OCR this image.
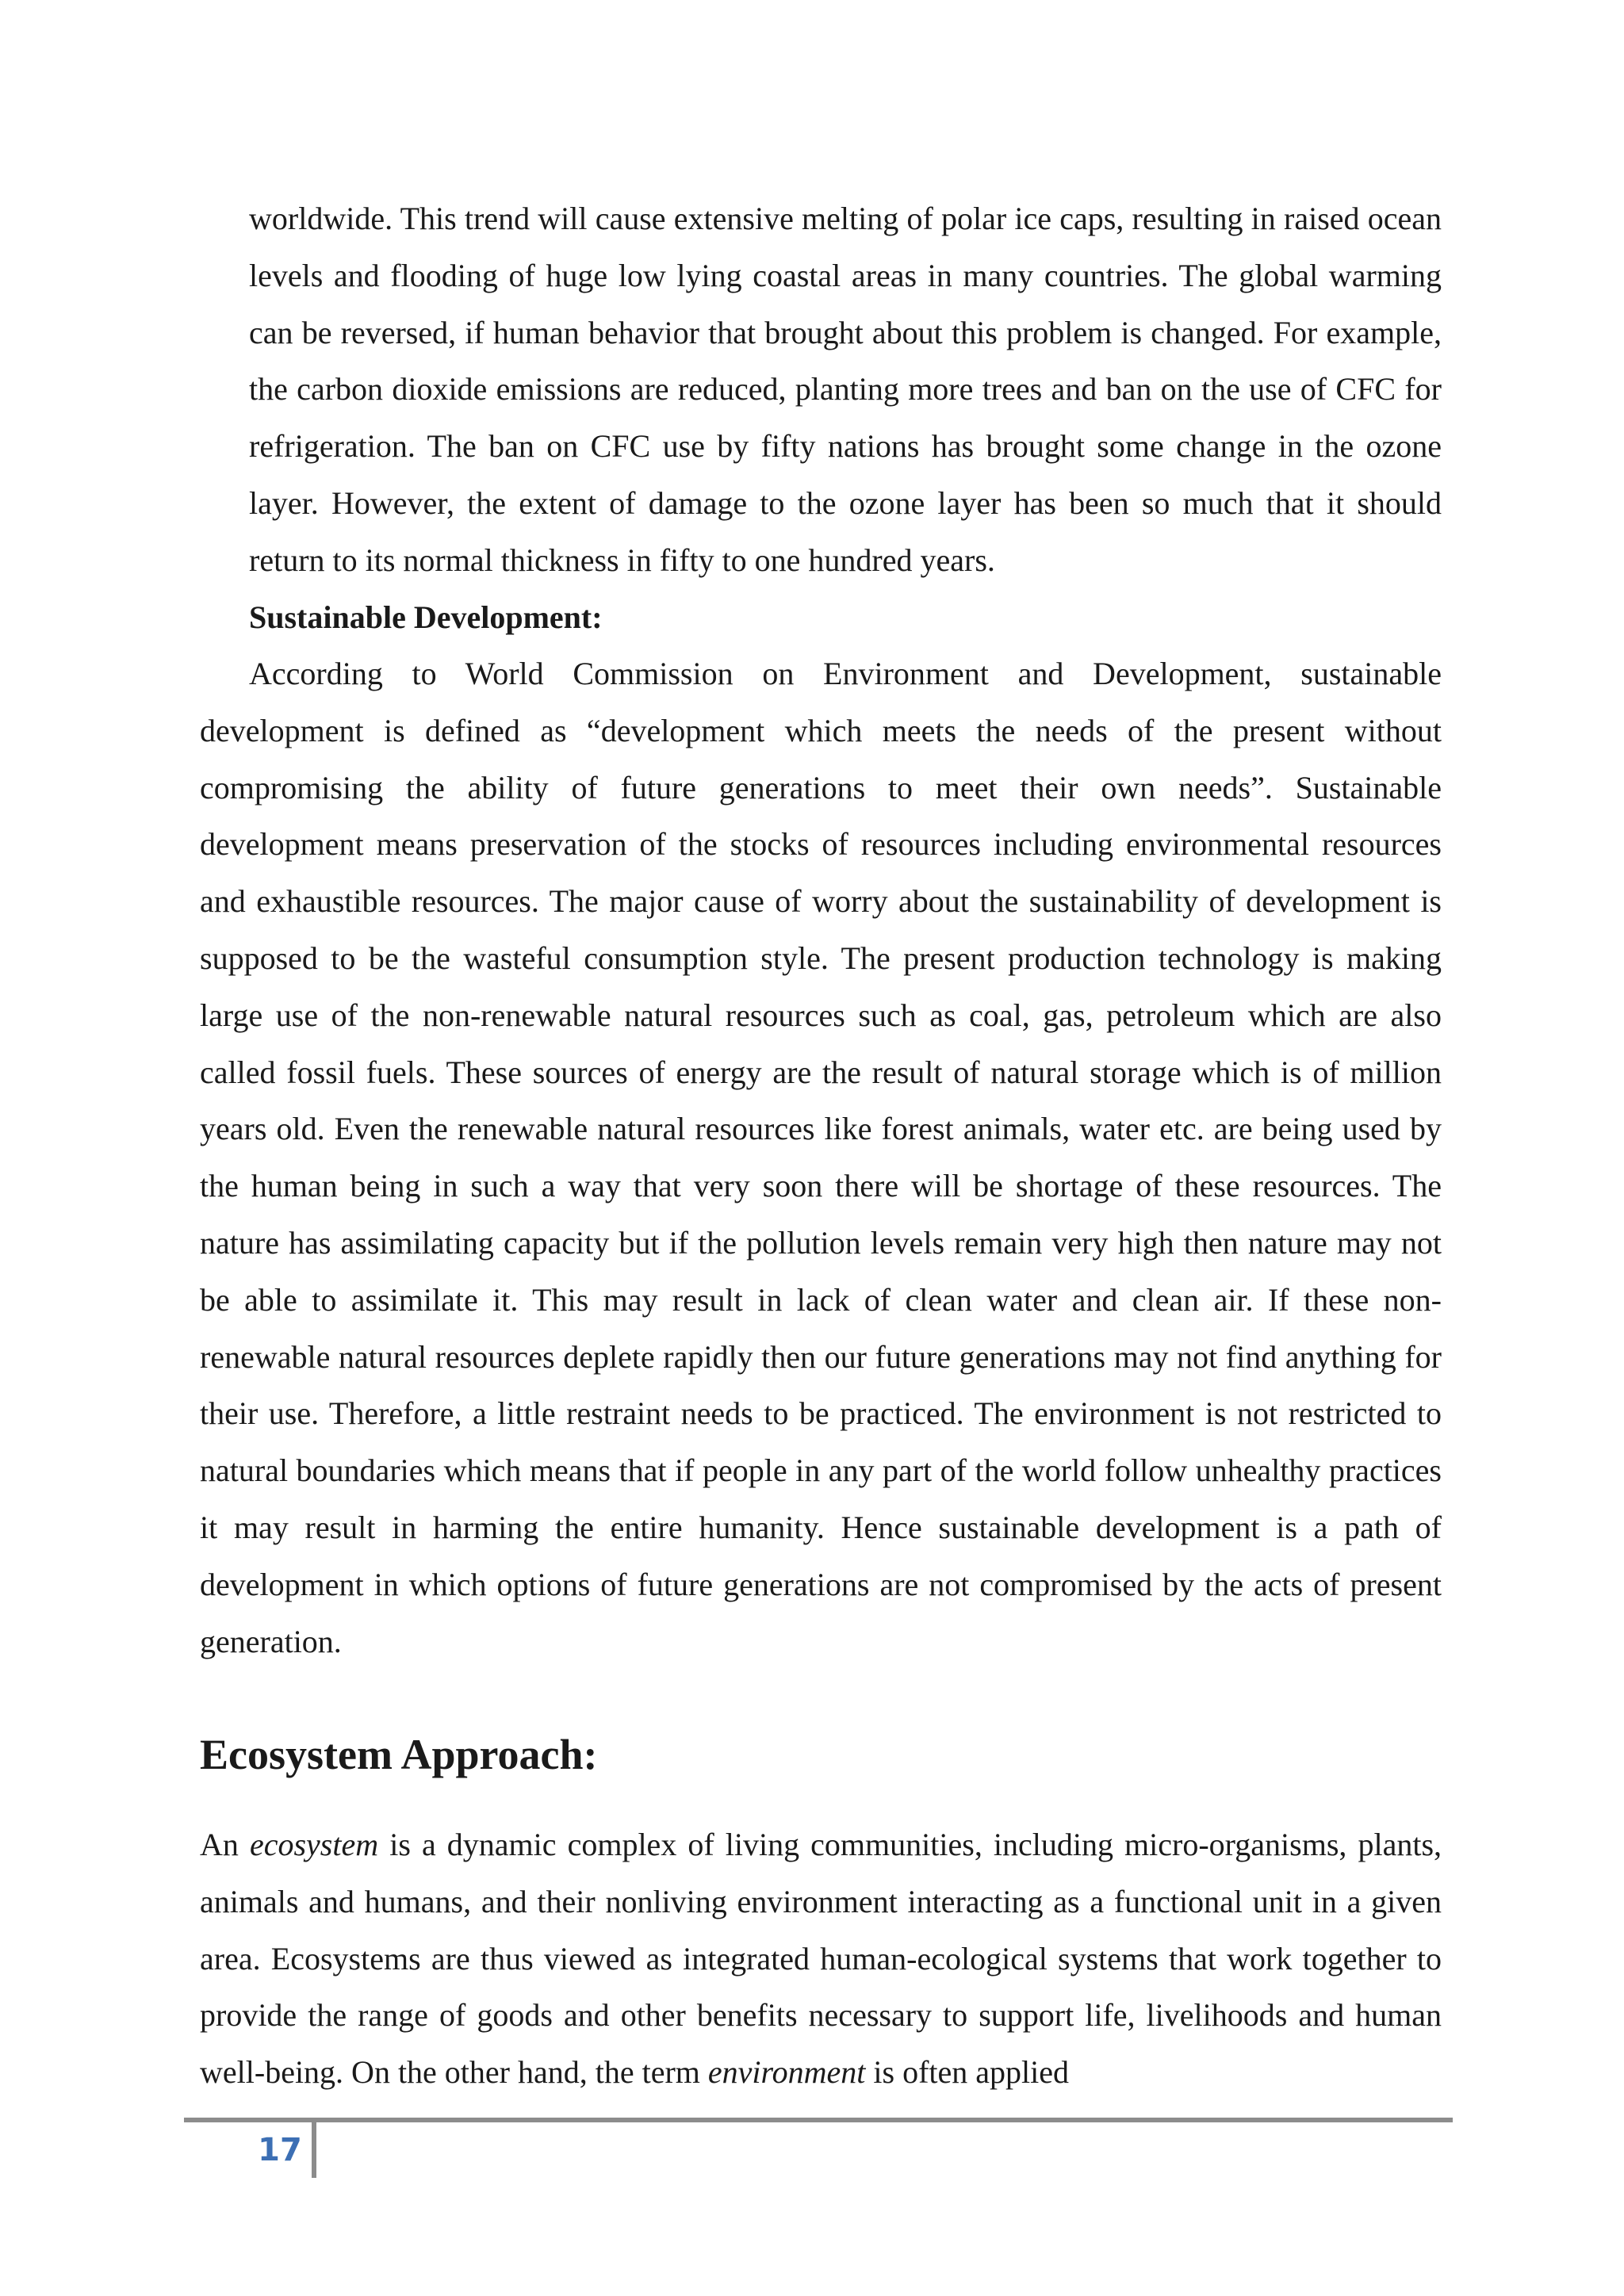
worldwide. This trend will cause extensive melting of polar ice caps, resulting in raised ocean levels and flooding of huge low lying coastal areas in many countries. The global warming can be reversed, if human behavior that brought about this problem is changed. For example, the carbon dioxide emissions are reduced, planting more trees and ban on the use of CFC for refrigeration. The ban on CFC use by fifty nations has brought some change in the ozone layer. However, the extent of damage to the ozone layer has been so much that it should return to its normal thickness in fifty to one hundred years.

Sustainable Development:

According to World Commission on Environment and Development, sustainable development is defined as “development which meets the needs of the present without compromising the ability of future generations to meet their own needs”. Sustainable development means preservation of the stocks of resources including environmental resources and exhaustible resources. The major cause of worry about the sustainability of development is supposed to be the wasteful consumption style. The present production technology is making large use of the non-renewable natural resources such as coal, gas, petroleum which are also called fossil fuels. These sources of energy are the result of natural storage which is of million years old. Even the renewable natural resources like forest animals, water etc. are being used by the human being in such a way that very soon there will be shortage of these resources. The nature has assimilating capacity but if the pollution levels remain very high then nature may not be able to assimilate it. This may result in lack of clean water and clean air. If these non-renewable natural resources deplete rapidly then our future generations may not find anything for their use. Therefore, a little restraint needs to be practiced. The environment is not restricted to natural boundaries which means that if people in any part of the world follow unhealthy practices it may result in harming the entire humanity. Hence sustainable development is a path of development in which options of future generations are not compromised by the acts of present generation.

Ecosystem Approach:

An ecosystem is a dynamic complex of living communities, including micro-organisms, plants, animals and humans, and their nonliving environment interacting as a functional unit in a given area. Ecosystems are thus viewed as integrated human-ecological systems that work together to provide the range of goods and other benefits necessary to support life, livelihoods and human well-being. On the other hand, the term environment is often applied

17
